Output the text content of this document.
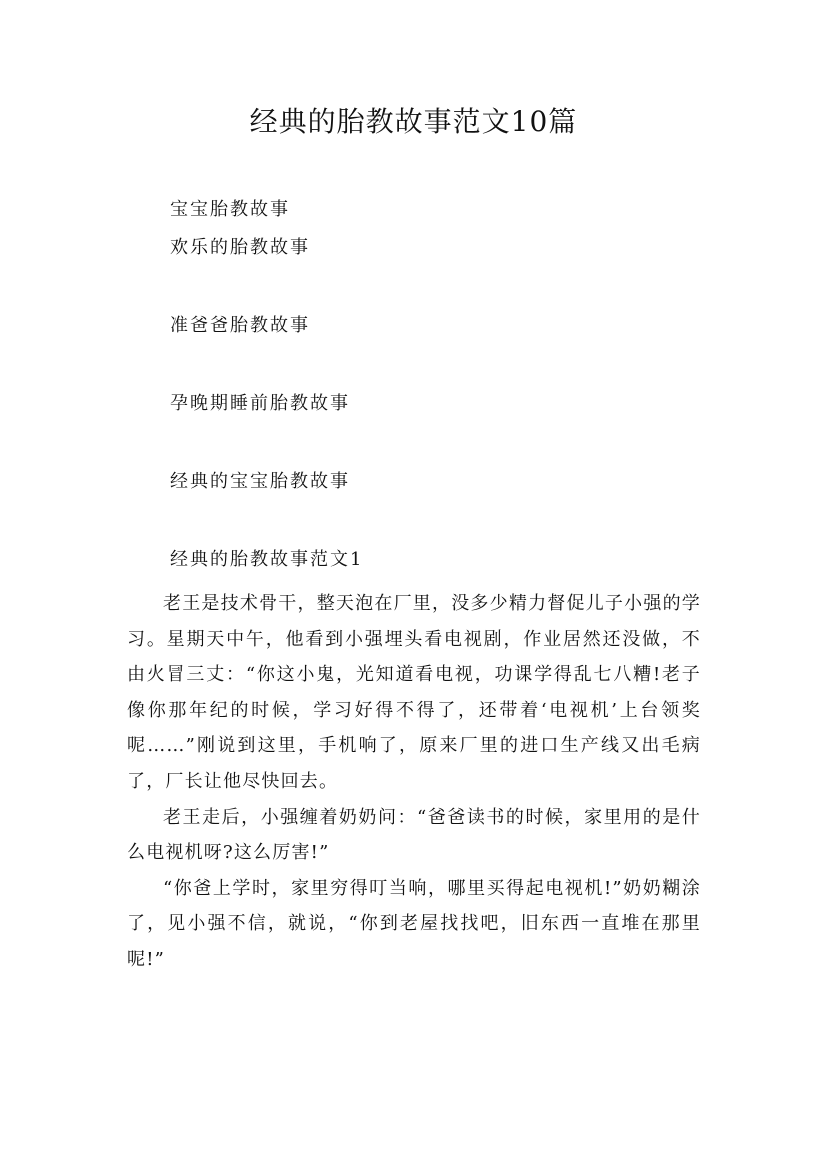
经典的胎教故事范文10篇
宝宝胎教故事
欢乐的胎教故事
准爸爸胎教故事
孕晚期睡前胎教故事
经典的宝宝胎教故事
经典的胎教故事范文1

老王是技术骨干，整天泡在厂里，没多少精力督促儿子小强的学习。星期天中午，他看到小强埋头看电视剧，作业居然还没做，不由火冒三丈：“你这小鬼，光知道看电视，功课学得乱七八糟!老子像你那年纪的时候，学习好得不得了，还带着‘电视机’上台领奖呢……”刚说到这里，手机响了，原来厂里的进口生产线又出毛病了，厂长让他尽快回去。

老王走后，小强缠着奶奶问：“爸爸读书的时候，家里用的是什么电视机呀?这么厉害!”

“你爸上学时，家里穷得叮当响，哪里买得起电视机!”奶奶糊涂了，见小强不信，就说，“你到老屋找找吧，旧东西一直堆在那里呢!”
